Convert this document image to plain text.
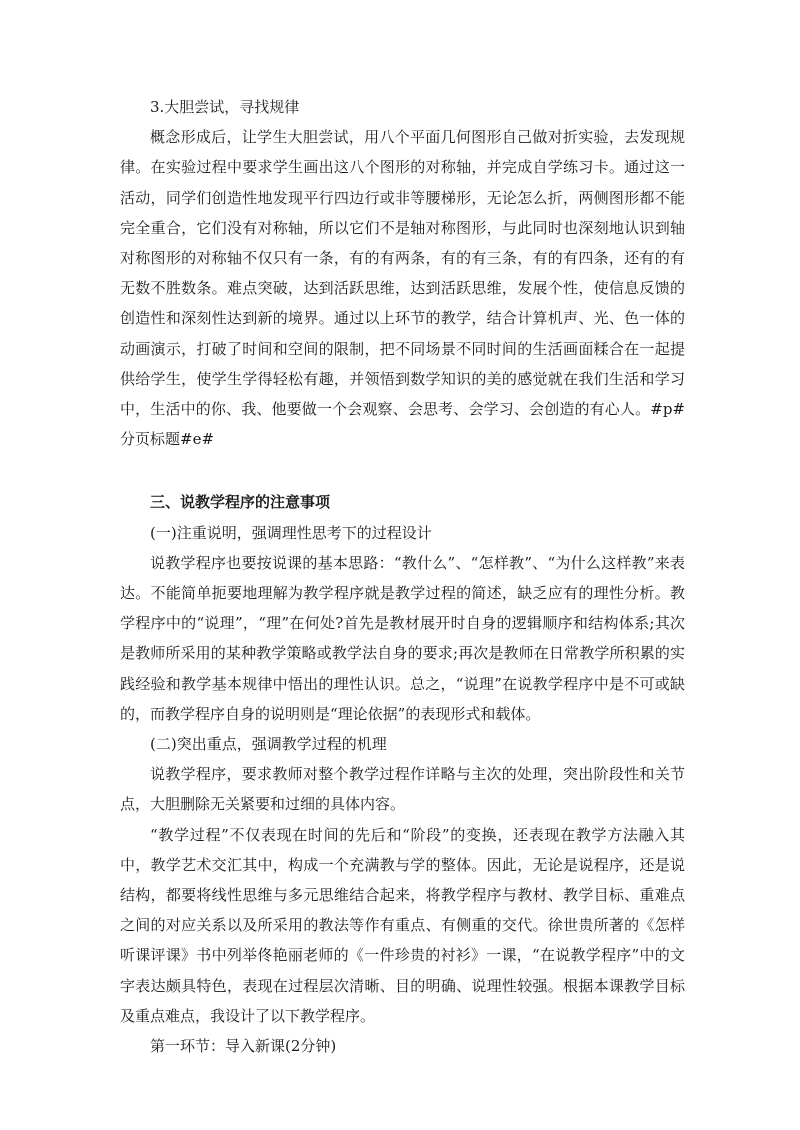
3.大胆尝试，寻找规律

概念形成后，让学生大胆尝试，用八个平面几何图形自己做对折实验，去发现规律。在实验过程中要求学生画出这八个图形的对称轴，并完成自学练习卡。通过这一活动，同学们创造性地发现平行四边行或非等腰梯形，无论怎么折，两侧图形都不能完全重合，它们没有对称轴，所以它们不是轴对称图形，与此同时也深刻地认识到轴对称图形的对称轴不仅只有一条，有的有两条，有的有三条，有的有四条，还有的有无数不胜数条。难点突破，达到活跃思维，达到活跃思维，发展个性，使信息反馈的创造性和深刻性达到新的境界。通过以上环节的教学，结合计算机声、光、色一体的动画演示，打破了时间和空间的限制，把不同场景不同时间的生活画面糅合在一起提供给学生，使学生学得轻松有趣，并领悟到数学知识的美的感觉就在我们生活和学习中，生活中的你、我、他要做一个会观察、会思考、会学习、会创造的有心人。#p#分页标题#e#

三、说教学程序的注意事项

(一)注重说明，强调理性思考下的过程设计

说教学程序也要按说课的基本思路：“教什么”、“怎样教”、“为什么这样教”来表达。不能简单扼要地理解为教学程序就是教学过程的简述，缺乏应有的理性分析。教学程序中的“说理”，“理”在何处?首先是教材展开时自身的逻辑顺序和结构体系;其次是教师所采用的某种教学策略或教学法自身的要求;再次是教师在日常教学所积累的实践经验和教学基本规律中悟出的理性认识。总之，“说理”在说教学程序中是不可或缺的，而教学程序自身的说明则是“理论依据”的表现形式和载体。

(二)突出重点，强调教学过程的机理

说教学程序，要求教师对整个教学过程作详略与主次的处理，突出阶段性和关节点，大胆删除无关紧要和过细的具体内容。

“教学过程”不仅表现在时间的先后和“阶段”的变换，还表现在教学方法融入其中，教学艺术交汇其中，构成一个充满教与学的整体。因此，无论是说程序，还是说结构，都要将线性思维与多元思维结合起来，将教学程序与教材、教学目标、重难点之间的对应关系以及所采用的教法等作有重点、有侧重的交代。徐世贵所著的《怎样听课评课》书中列举佟艳丽老师的《一件珍贵的衬衫》一课，“在说教学程序”中的文字表达颇具特色，表现在过程层次清晰、目的明确、说理性较强。根据本课教学目标及重点难点，我设计了以下教学程序。

第一环节：导入新课(2分钟)
